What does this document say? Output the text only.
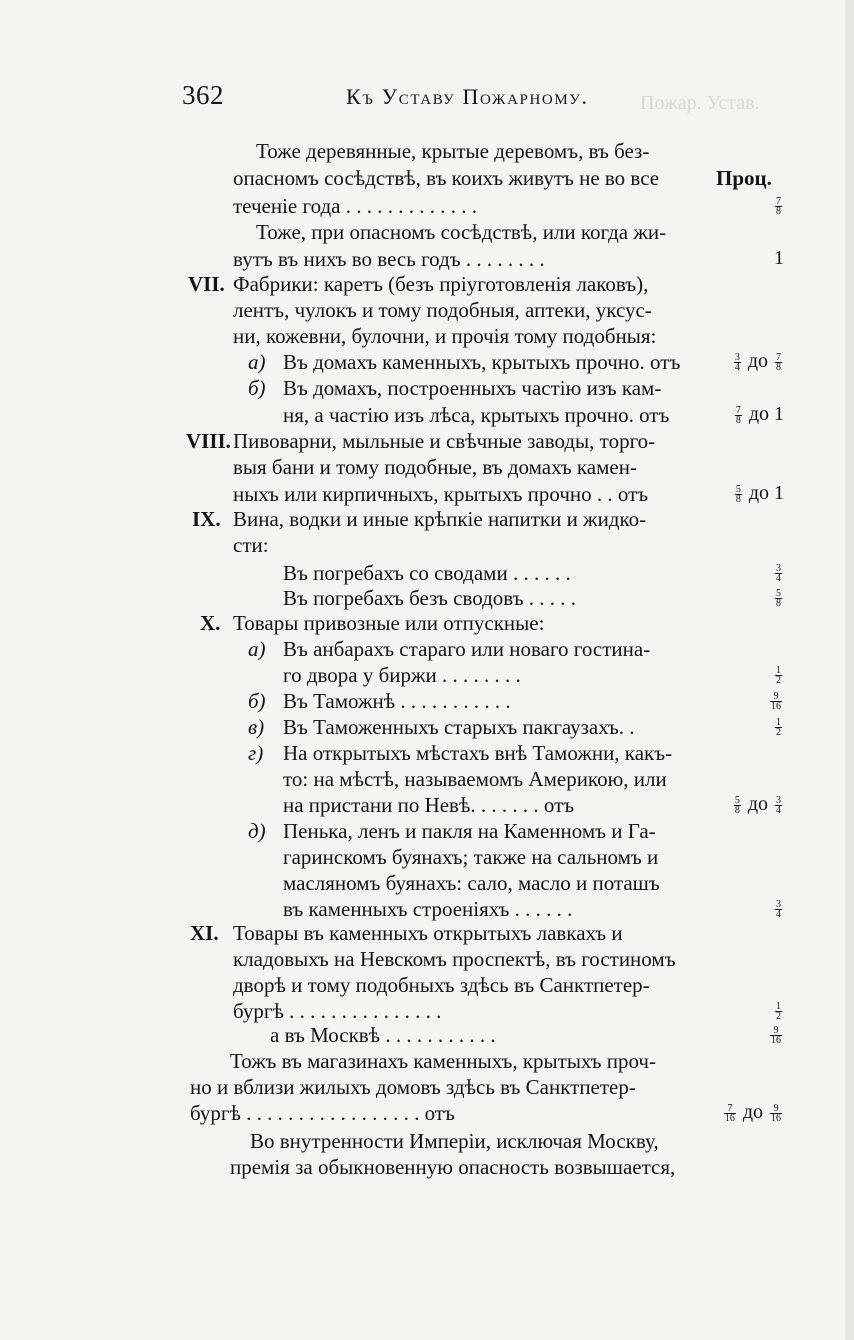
Пожар. Устав.
362	Къ Уставу Пожарному.
Проц.
Тоже деревянные, крытые деревомъ, въ без-
опасномъ сосѣдствѣ, въ коихъ живутъ не во все
теченіе года . . . . . . . . . . . . .
Тоже, при опасномъ сосѣдствѣ, или когда жи-
вутъ въ нихъ во весь годъ . . . . . . . .
Фабрики: каретъ (безъ пріуготовленія лаковъ),
лентъ, чулокъ и тому подобныя, аптеки, уксус-
ни, кожевни, булочни, и прочія тому подобныя:
Въ домахъ каменныхъ, крытыхъ прочно. отъ
Въ домахъ, построенныхъ частію изъ кам-
ня, а частію изъ лѣса, крытыхъ прочно. отъ
Пивоварни, мыльные и свѣчные заводы, торго-
выя бани и тому подобные, въ домахъ камен-
ныхъ или кирпичныхъ, крытыхъ прочно . . отъ
Вина, водки и иные крѣпкіе напитки и жидко-
сти:
Въ погребахъ со сводами . . . . . .
Въ погребахъ безъ сводовъ . . . . .
Товары привозные или отпускные:
Въ анбарахъ стараго или новаго гостина-
го двора у биржи . . . . . . . .
Въ Таможнѣ . . . . . . . . . . .
Въ Таможенныхъ старыхъ пакгаузахъ. .
На открытыхъ мѣстахъ внѣ Таможни, какъ-
то: на мѣстѣ, называемомъ Америкою, или
на пристани по Невѣ. . . . . . . отъ
Пенька, ленъ и пакля на Каменномъ и Га-
гаринскомъ буянахъ; также на сальномъ и
масляномъ буянахъ: сало, масло и поташъ
въ каменныхъ строеніяхъ . . . . . .
Товары въ каменныхъ открытыхъ лавкахъ и
кладовыхъ на Невскомъ проспектѣ, въ гостиномъ
дворѣ и тому подобныхъ здѣсь въ Санктпетер-
бургѣ . . . . . . . . . . . . . . .
а въ Москвѣ . . . . . . . . . . .
Тожъ въ магазинахъ каменныхъ, крытыхъ проч-
но и вблизи жилыхъ домовъ здѣсь въ Санктпетер-
бургѣ . . . . . . . . . . . . . . . . . отъ
Во внутренности Имперіи, исключая Москву,
премія за обыкновенную опасность возвышается,
VII.
VIII.
IX.
X.
XI.
а)
б)
а)
б)
в)
г)
д)
$\frac{7}{8}$
1
$\frac{3}{4}$ до $\frac{7}{8}$
$\frac{7}{8}$ до 1
$\frac{5}{8}$ до 1
$\frac{3}{4}$
$\frac{5}{8}$
$\frac{1}{2}$
$\frac{9}{16}$
$\frac{1}{2}$
$\frac{5}{8}$ до $\frac{3}{4}$
$\frac{3}{4}$
$\frac{1}{2}$
$\frac{9}{16}$
$\frac{7}{16}$ до $\frac{9}{16}$
